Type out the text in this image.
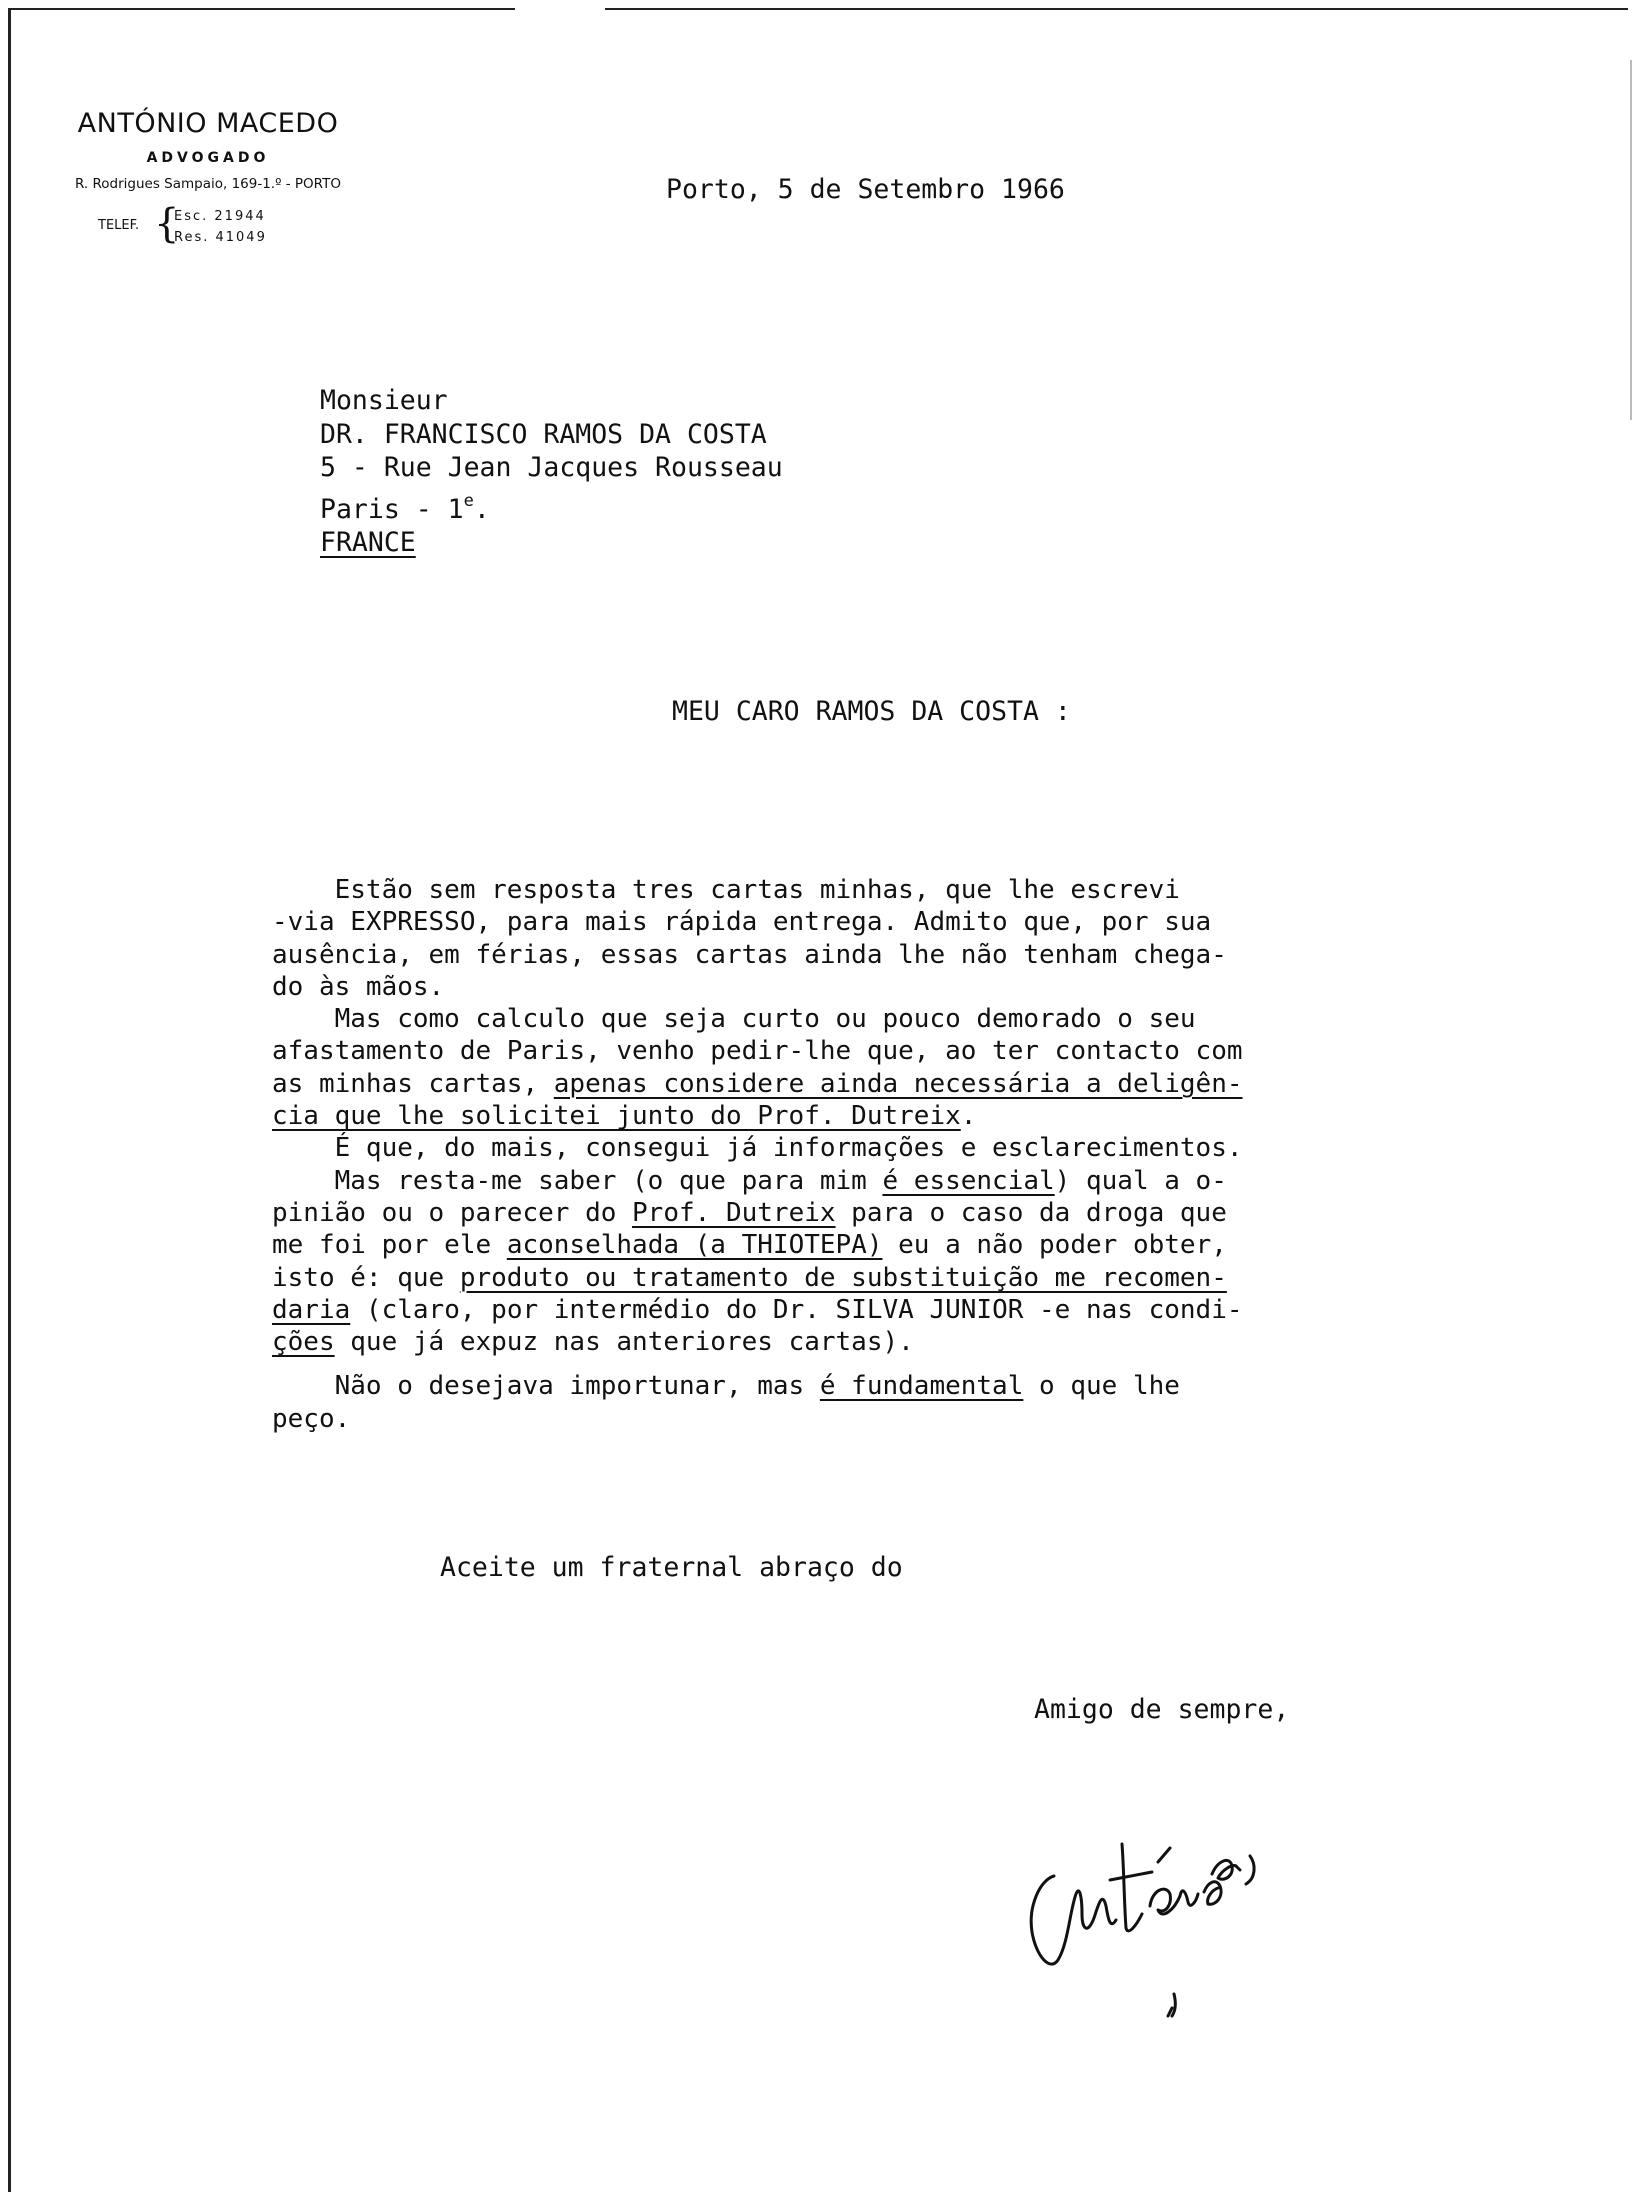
ANTÓNIO MACEDO
ADVOGADO
R. Rodrigues Sampaio, 169-1.º - PORTO
TELEF. {
Esc. 21944
Res. 41049
Porto, 5 de Setembro 1966
Monsieur
DR. FRANCISCO RAMOS DA COSTA
5 - Rue Jean Jacques Rousseau
Paris - 1e.
FRANCE
MEU CARO RAMOS DA COSTA :
Estão sem resposta tres cartas minhas, que lhe escrevi
-via EXPRESSO, para mais rápida entrega. Admito que, por sua
ausência, em férias, essas cartas ainda lhe não tenham chega-
do às mãos.
Mas como calculo que seja curto ou pouco demorado o seu
afastamento de Paris, venho pedir-lhe que, ao ter contacto com
as minhas cartas, apenas considere ainda necessária a deligên-
cia que lhe solicitei junto do Prof. Dutreix.
É que, do mais, consegui já informações e esclarecimentos.
Mas resta-me saber (o que para mim é essencial) qual a o-
pinião ou o parecer do Prof. Dutreix para o caso da droga que
me foi por ele aconselhada (a THIOTEPA) eu a não poder obter,
isto é: que produto ou tratamento de substituição me recomen-
daria (claro, por intermédio do Dr. SILVA JUNIOR -e nas condi-
ções que já expuz nas anteriores cartas).

Não o desejava importunar, mas é fundamental o que lhe
peço.
Aceite um fraternal abraço do
Amigo de sempre,
